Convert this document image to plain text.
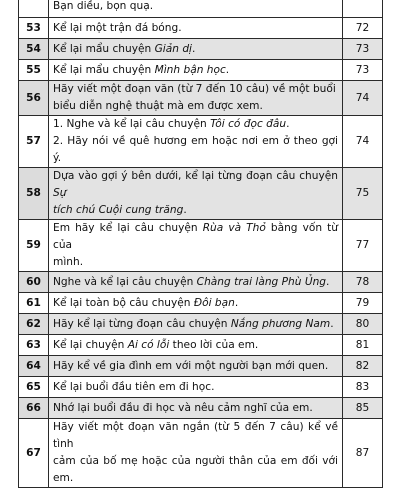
	Bạn diều, bọn quạ.	
53	Kể lại một trận đá bóng.	72
54	Kể lại mẩu chuyện Giản dị.	73
55	Kể lại mẩu chuyện Mình bận học.	73
56	Hãy viết một đoạn văn (từ 7 đến 10 câu) về một buổi
biểu diễn nghệ thuật mà em được xem.	74
57	1. Nghe và kể lại câu chuyện Tôi có đọc đâu.
2. Hãy nói về quê hương em hoặc nơi em ở theo gợi ý.	74
58	Dựa vào gợi ý bên dưới, kể lại từng đoạn câu chuyện Sự
tích chú Cuội cung trăng.	75
59	Em hãy kể lại câu chuyện Rùa và Thỏ bằng vốn từ của
mình.	77
60	Nghe và kể lại câu chuyện Chàng trai làng Phù Ủng.	78
61	Kể lại toàn bộ câu chuyện Đôi bạn.	79
62	Hãy kể lại từng đoạn câu chuyện Nắng phương Nam.	80
63	Kể lại chuyện Ai có lỗi theo lời của em.	81
64	Hãy kể về gia đình em với một người bạn mới quen.	82
65	Kể lại buổi đầu tiên em đi học.	83
66	Nhớ lại buổi đầu đi học và nêu cảm nghĩ của em.	85
67	Hãy viết một đoạn văn ngắn (từ 5 đến 7 câu) kể về tình
cảm của bố mẹ hoặc của người thân của em đối với em.	87
